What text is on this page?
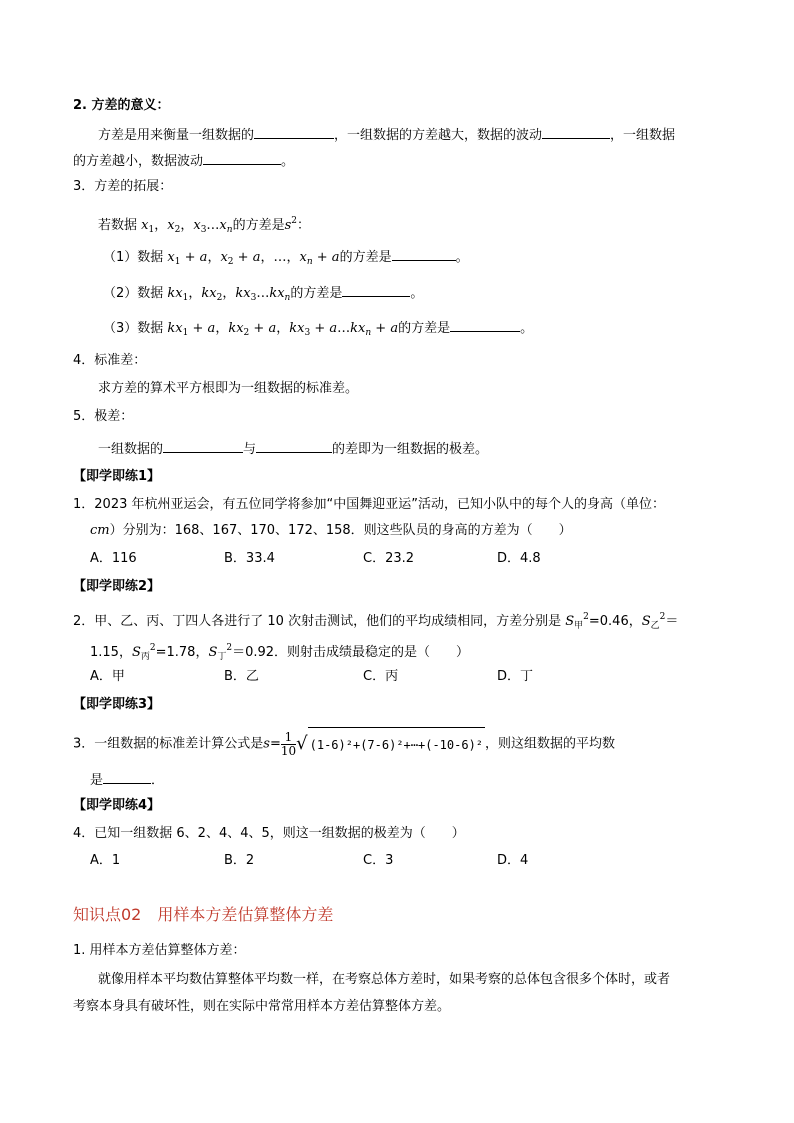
2. 方差的意义：
方差是用来衡量一组数据的	，一组数据的方差越大，数据的波动	，一组数据
的方差越小，数据波动	。
3．方差的拓展：
若数据 $x_1$，$x_2$，$x_3\dots x_n$的方差是$s^2$：
（1）数据 $x_1 + a$，$x_2 + a$，…，$x_n + a$的方差是	。
（2）数据 $kx_1$，$kx_2$，$kx_3\dots kx_n$的方差是	。
（3）数据 $kx_1 + a$，$kx_2 + a$，$kx_3$ + $a\dots kx_n + a$的方差是	。
4．标准差：
求方差的算术平方根即为一组数据的标准差。
5．极差：
一组数据的	与	的差即为一组数据的极差。
【即学即练1】
1．2023 年杭州亚运会，有五位同学将参加“中国舞迎亚运”活动，已知小队中的每个人的身高（单位：
cm）分别为：168、167、170、172、158．则这些队员的身高的方差为（　　）
A．116	B．33.4	C．23.2	D．4.8
【即学即练2】
2．甲、乙、丙、丁四人各进行了 10 次射击测试，他们的平均成绩相同，方差分别是 $S_甲^2=0.46$，$S_乙^2=$
1.15，$S_丙^2=1.78$，$S_丁^2=0.92$．则射击成绩最稳定的是（　　）
A．甲	B．乙	C．丙	D．丁
【即学即练3】
3．一组数据的标准差计算公式是$s= \frac{1}{10}$ √ (1-6)²+(7-6)²+⋯+(-10-6)² ，则这组数据的平均数
是	．
【即学即练4】
4．已知一组数据 6、2、4、4、5，则这一组数据的极差为（　　）
A．1	B．2	C．3	D．4
知识点02 用样本方差估算整体方差
1. 用样本方差估算整体方差：
就像用样本平均数估算整体平均数一样，在考察总体方差时，如果考察的总体包含很多个体时，或者
考察本身具有破坏性，则在实际中常常用样本方差估算整体方差。
